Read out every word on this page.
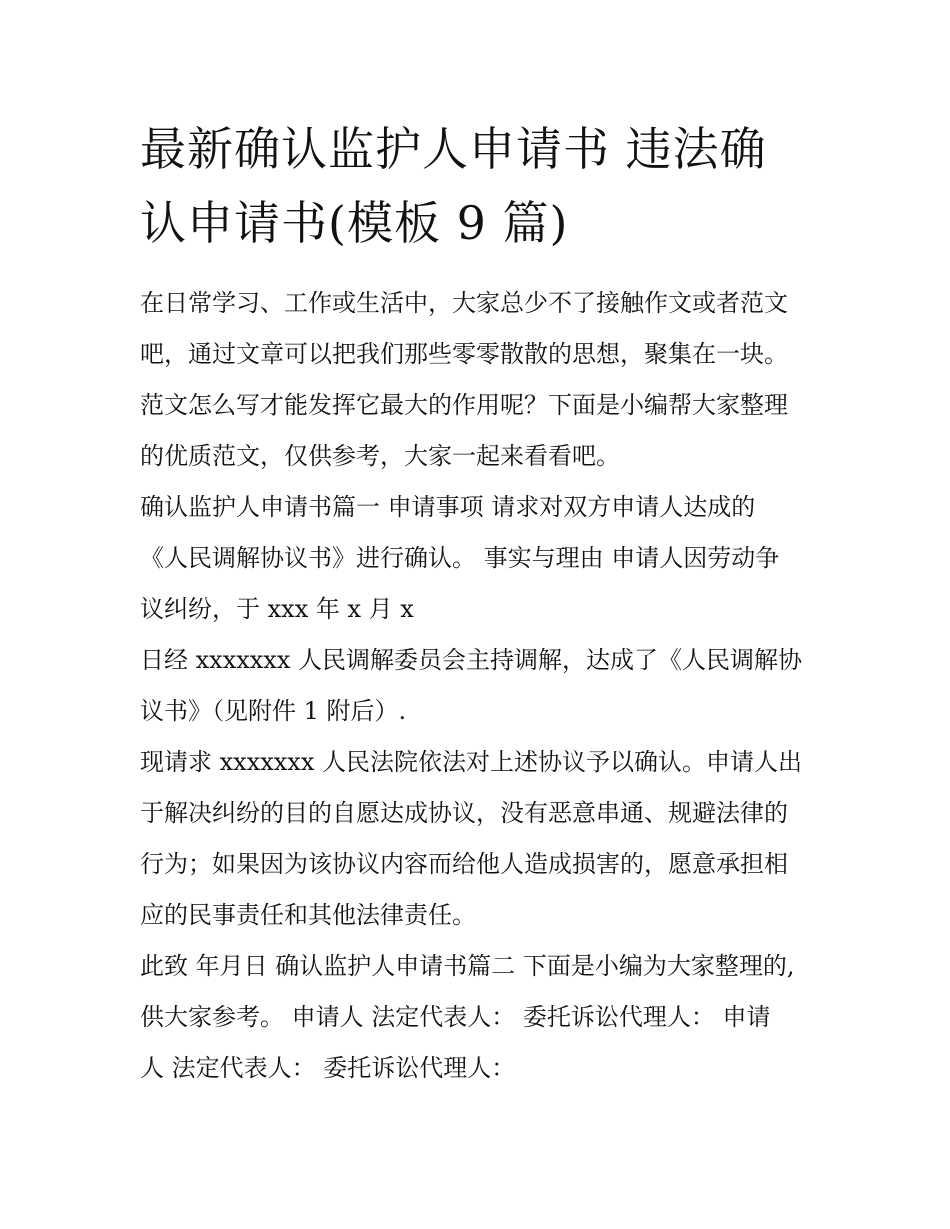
最新确认监护人申请书 违法确
认申请书(模板 9 篇)

在日常学习、工作或生活中，大家总少不了接触作文或者范文
吧，通过文章可以把我们那些零零散散的思想，聚集在一块。
范文怎么写才能发挥它最大的作用呢？下面是小编帮大家整理
的优质范文，仅供参考，大家一起来看看吧。

确认监护人申请书篇一 申请事项 请求对双方申请人达成的
《人民调解协议书》进行确认。 事实与理由 申请人因劳动争
议纠纷，于 xxx 年 x 月 x

日经 xxxxxxx 人民调解委员会主持调解，达成了《人民调解协
议书》（见附件 1 附后）.

现请求 xxxxxxx 人民法院依法对上述协议予以确认。申请人出
于解决纠纷的目的自愿达成协议，没有恶意串通、规避法律的
行为；如果因为该协议内容而给他人造成损害的，愿意承担相
应的民事责任和其他法律责任。

此致 年月日 确认监护人申请书篇二 下面是小编为大家整理的,
供大家参考。 申请人 法定代表人： 委托诉讼代理人： 申请
人 法定代表人： 委托诉讼代理人：
